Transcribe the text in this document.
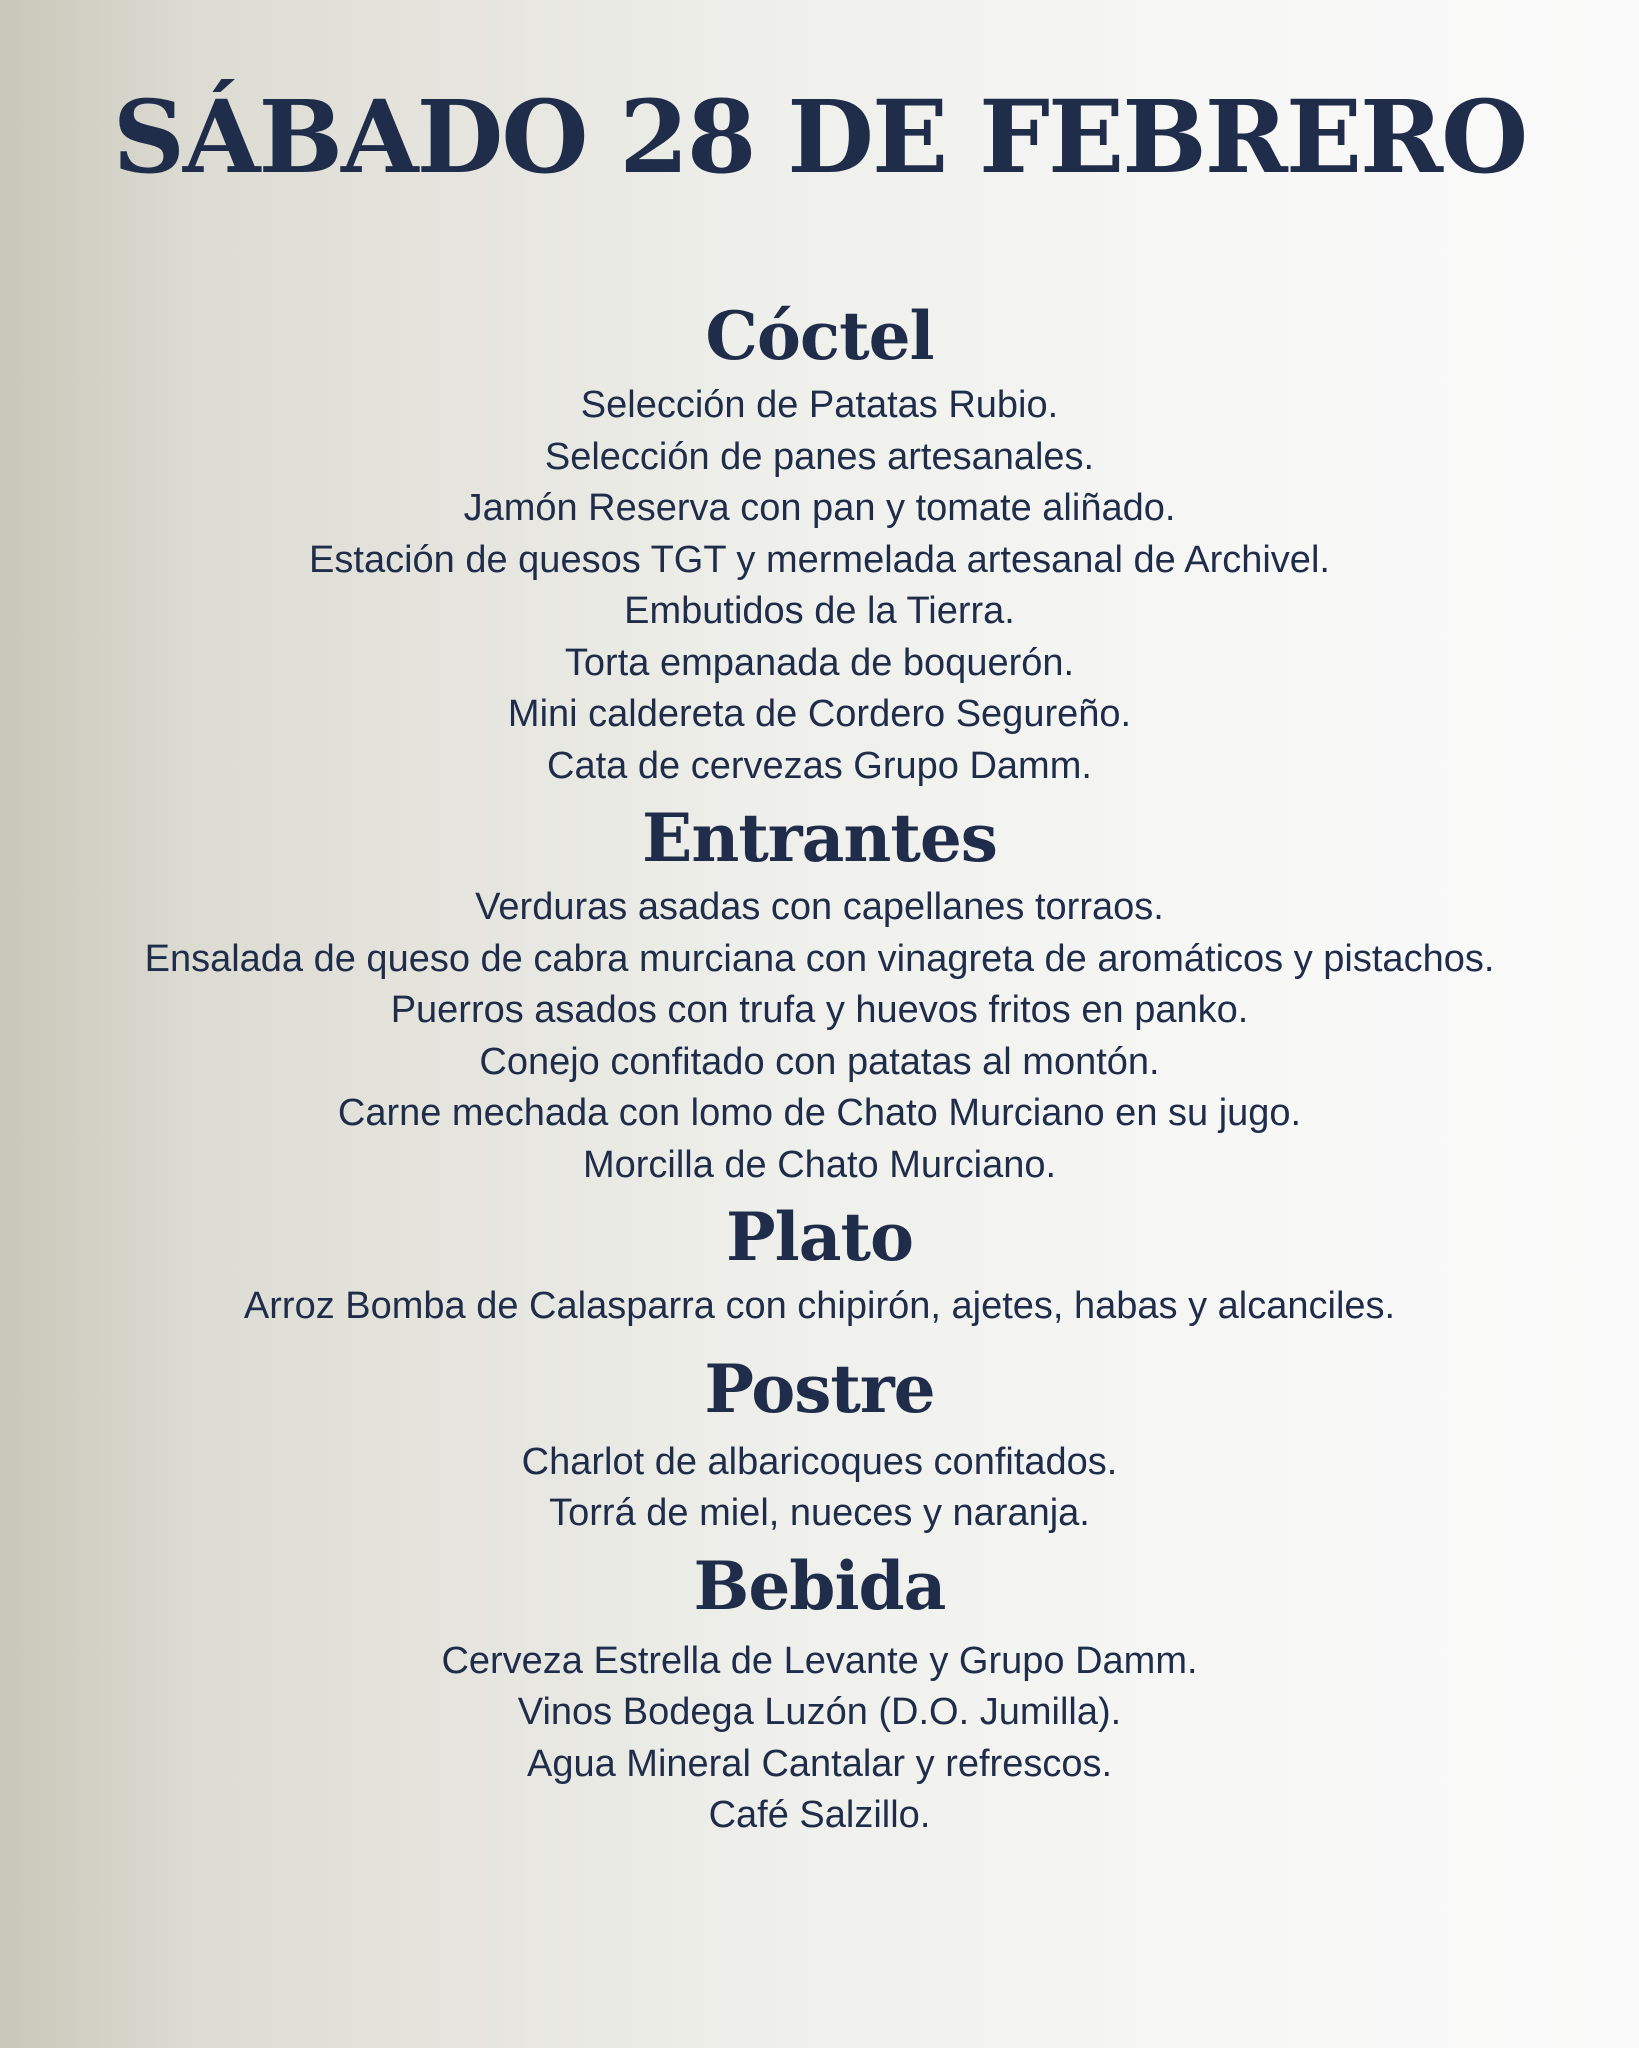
SÁBADO 28 DE FEBRERO
Cóctel
Selección de Patatas Rubio.
Selección de panes artesanales.
Jamón Reserva con pan y tomate aliñado.
Estación de quesos TGT y mermelada artesanal de Archivel.
Embutidos de la Tierra.
Torta empanada de boquerón.
Mini caldereta de Cordero Segureño.
Cata de cervezas Grupo Damm.
Entrantes
Verduras asadas con capellanes torraos.
Ensalada de queso de cabra murciana con vinagreta de aromáticos y pistachos.
Puerros asados con trufa y huevos fritos en panko.
Conejo confitado con patatas al montón.
Carne mechada con lomo de Chato Murciano en su jugo.
Morcilla de Chato Murciano.
Plato
Arroz Bomba de Calasparra con chipirón, ajetes, habas y alcanciles.
Postre
Charlot de albaricoques confitados.
Torrá de miel, nueces y naranja.
Bebida
Cerveza Estrella de Levante y Grupo Damm.
Vinos Bodega Luzón (D.O. Jumilla).
Agua Mineral Cantalar y refrescos.
Café Salzillo.
